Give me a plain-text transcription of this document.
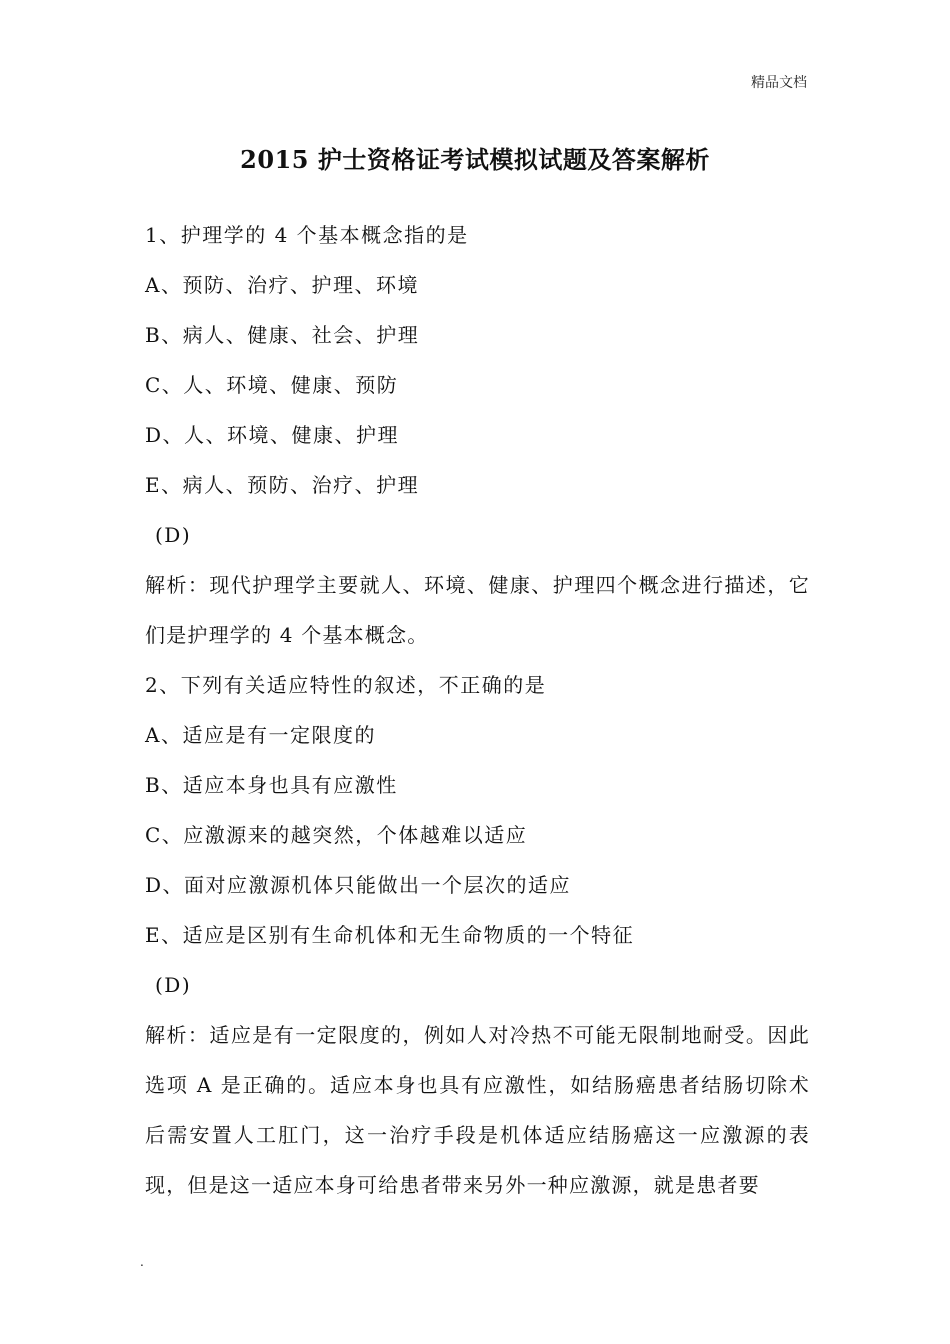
精品文档
2015 护士资格证考试模拟试题及答案解析
1、护理学的 4 个基本概念指的是
A、预防、治疗、护理、环境
B、病人、健康、社会、护理
C、人、环境、健康、预防
D、人、环境、健康、护理
E、病人、预防、治疗、护理
(D)
解析：现代护理学主要就人、环境、健康、护理四个概念进行描述，它们是护理学的 4 个基本概念。
2、下列有关适应特性的叙述，不正确的是
A、适应是有一定限度的
B、适应本身也具有应激性
C、应激源来的越突然，个体越难以适应
D、面对应激源机体只能做出一个层次的适应
E、适应是区别有生命机体和无生命物质的一个特征
(D)
解析：适应是有一定限度的，例如人对冷热不可能无限制地耐受。因此选项 A 是正确的。适应本身也具有应激性，如结肠癌患者结肠切除术后需安置人工肛门，这一治疗手段是机体适应结肠癌这一应激源的表现，但是这一适应本身可给患者带来另外一种应激源，就是患者要
.
